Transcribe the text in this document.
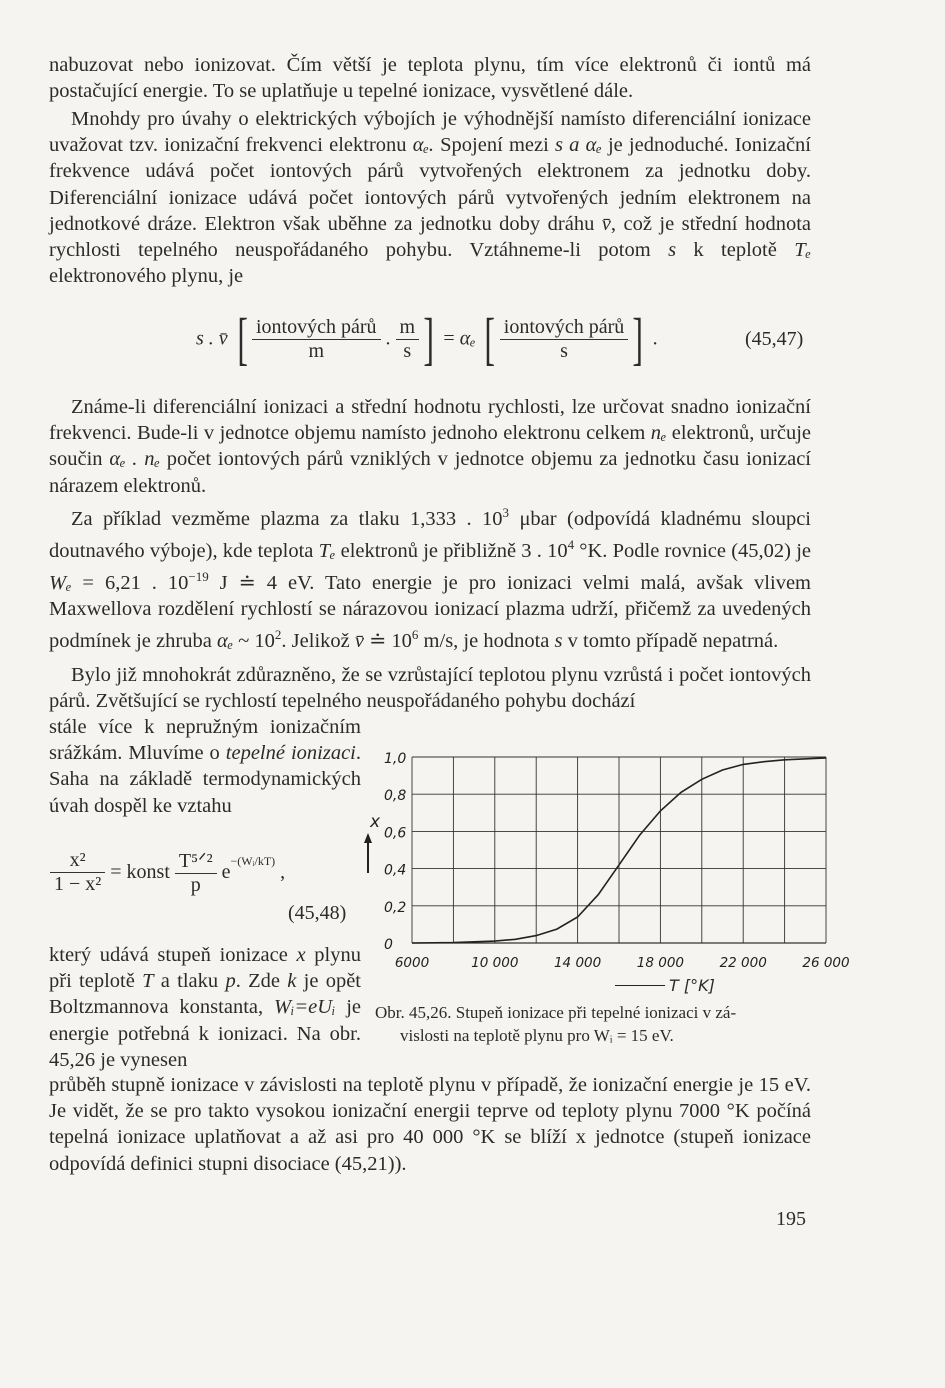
nabuzovat nebo ionizovat. Čím větší je teplota plynu, tím více elektronů či iontů má postačující energie. To se uplatňuje u tepelné ionizace, vysvětlené dále.

Mnohdy pro úvahy o elektrických výbojích je výhodnější namísto diferenciální ionizace uvažovat tzv. ionizační frekvenci elektronu αₑ. Spojení mezi s a αₑ je jednoduché. Ionizační frekvence udává počet iontových párů vytvořených elektronem za jednotku doby. Diferenciální ionizace udává počet iontových párů vytvořených jedním elektronem na jednotkové dráze. Elektron však uběhne za jednotku doby dráhu v̄, což je střední hodnota rychlosti tepelného neuspořádaného pohybu. Vztáhneme-li potom s k teplotě Tₑ elektronového plynu, je

s . v̄ [ $\frac{\text{iontových párů}}{m}$ . $\frac{m}{s}$ ] = αₑ [ $\frac{\text{iontových párů}}{s}$ ] .	(45,47)

Známe-li diferenciální ionizaci a střední hodnotu rychlosti, lze určovat snadno ionizační frekvenci. Bude-li v jednotce objemu namísto jednoho elektronu celkem nₑ elektronů, určuje součin αₑ . nₑ počet iontových párů vzniklých v jednotce objemu za jednotku času ionizací nárazem elektronů.

Za příklad vezměme plazma za tlaku 1,333 . $10^3$ μbar (odpovídá kladnému sloupci doutnavého výboje), kde teplota Tₑ elektronů je přibližně 3 . $10^4$ °K. Podle rovnice (45,02) je Wₑ = 6,21 . $10^{-19}$ J ≐ 4 eV. Tato energie je pro ionizaci velmi malá, avšak vlivem Maxwellova rozdělení rychlostí se nárazovou ionizací plazma udrží, přičemž za uvedených podmínek je zhruba αₑ ~ $10^2$. Jelikož v̄ ≐ $10^6$ m/s, je hodnota s v tomto případě nepatrná.

Bylo již mnohokrát zdůrazněno, že se vzrůstající teplotou plynu vzrůstá i počet iontových párů. Zvětšující se rychlostí tepelného neuspořádaného pohybu dochází

stále více k nepružným ionizačním srážkám. Mluvíme o tepelné ionizaci. Saha na základě termodynamických úvah dospěl ke vztahu

$\frac{\text{x²}}{\text{1 − x²}}$ = konst $\frac{\text{T⁵ᐟ²}}{p} e^{-(Wᵢ/kT)}$ ,
(45,48)

který udává stupeň ionizace x plynu při teplotě T a tlaku p. Zde k je opět Boltzmannova konstanta, Wᵢ=eUᵢ je energie potřebná k ionizaci. Na obr. 45,26 je vynesen

průběh stupně ionizace v závislosti na teplotě plynu v případě, že ionizační energie je 15 eV. Je vidět, že se pro takto vysokou ionizační energii teprve od teploty plynu 7000 °K počíná tepelná ionizace uplatňovat a až asi pro 40 000 °K se blíží x jednotce (stupeň ionizace odpovídá definici stupni disociace (45,21)).

1,0
0,8
0,6
0,4
0,2
0
6000	10 000	14 000	18 000	22 000	26 000
x
T [°K]
Obr. 45,26. Stupeň ionizace při tepelné ionizaci v zá-
vislosti na teplotě plynu pro Wᵢ = 15 eV.
195
